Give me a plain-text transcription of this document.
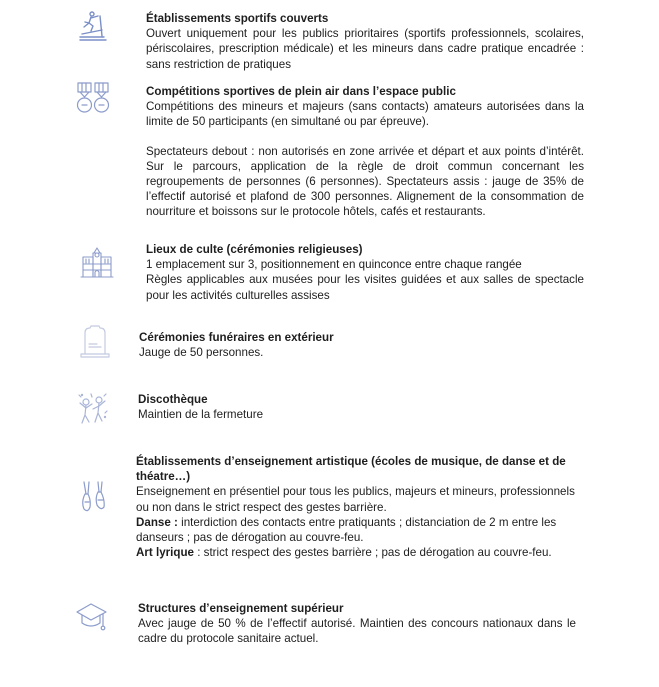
Établissements sportifs couverts
Ouvert uniquement pour les publics prioritaires (sportifs professionnels, scolaires, périscolaires, prescription médicale) et les mineurs dans cadre pratique encadrée : sans restriction de pratiques
Compétitions sportives de plein air dans l’espace public
Compétitions des mineurs et majeurs (sans contacts) amateurs autorisées dans la limite de 50 participants (en simultané ou par épreuve).
Spectateurs debout : non autorisés en zone arrivée et départ et aux points d’intérêt. Sur le parcours, application de la règle de droit commun concernant les regroupements de personnes (6 personnes). Spectateurs assis : jauge de 35% de l’effectif autorisé et plafond de 300 personnes. Alignement de la consommation de nourriture et boissons sur le protocole hôtels, cafés et restaurants.
Lieux de culte (cérémonies religieuses)
1 emplacement sur 3, positionnement en quinconce entre chaque rangée
Règles applicables aux musées pour les visites guidées et aux salles de spectacle pour les activités culturelles assises
Cérémonies funéraires en extérieur
Jauge de 50 personnes.
Discothèque
Maintien de la fermeture
Établissements d’enseignement artistique (écoles de musique, de danse et de théatre…)
Enseignement en présentiel pour tous les publics, majeurs et mineurs, professionnels ou non dans le strict respect des gestes barrière.
Danse : interdiction des contacts entre pratiquants ; distanciation de 2 m entre les danseurs ; pas de dérogation au couvre-feu.
Art lyrique : strict respect des gestes barrière ; pas de dérogation au couvre-feu.
Structures d’enseignement supérieur
Avec jauge de 50 % de l’effectif autorisé. Maintien des concours nationaux dans le cadre du protocole sanitaire actuel.
